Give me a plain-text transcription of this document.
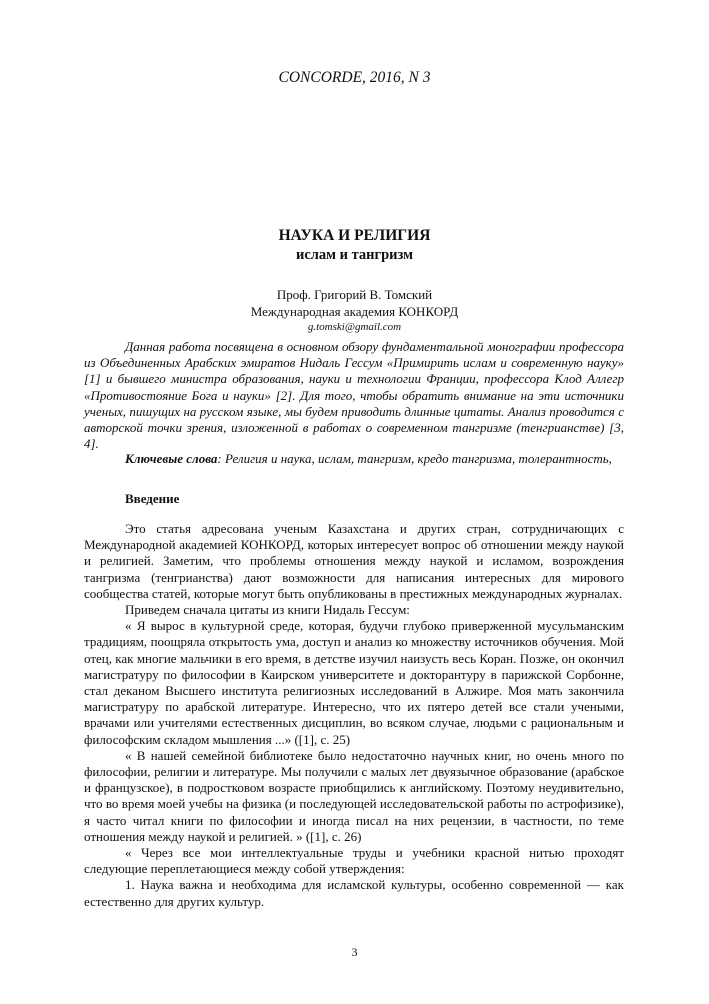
CONCORDE, 2016, N 3
НАУКА И РЕЛИГИЯ
ислам и тангризм
Проф. Григорий В. Томский
Международная академия КОНКОРД
g.tomski@gmail.com

Данная работа посвящена в основном обзору фундаментальной монографии профессора из Объединенных Арабских эмиратов Нидаль Гессум «Примирить ислам и современную науку» [1] и бывшего министра образования, науки и технологии Франции, профессора Клод Аллегр «Противостояние Бога и науки» [2]. Для того, чтобы обратить внимание на эти источники ученых, пишущих на русском языке, мы будем приводить длинные цитаты. Анализ проводится с авторской точки зрения, изложенной в работах о современном тангризме (тенгрианстве) [3, 4].

Ключевые слова: Религия и наука, ислам, тангризм, кредо тангризма, толерантность,

Введение

Это статья адресована ученым Казахстана и других стран, сотрудничающих с Международной академией КОНКОРД, которых интересует вопрос об отношении между наукой и религией. Заметим, что проблемы отношения между наукой и исламом, возрождения тангризма (тенгрианства) дают возможности для написания интересных для мирового сообщества статей, которые могут быть опубликованы в престижных международных журналах.

Приведем сначала цитаты из книги Нидаль Гессум:

« Я вырос в культурной среде, которая, будучи глубоко приверженной мусульманским традициям, поощряла открытость ума, доступ и анализ ко множеству источников обучения. Мой отец, как многие мальчики в его время, в детстве изучил наизусть весь Коран. Позже, он окончил магистратуру по философии в Каирском университете и докторантуру в парижской Сорбонне, стал деканом Высшего института религиозных исследований в Алжире. Моя мать закончила магистратуру по арабской литературе. Интересно, что их пятеро детей все стали учеными, врачами или учителями естественных дисциплин, во всяком случае, людьми с рациональным и философским складом мышления ...» ([1], с. 25)

« В нашей семейной библиотеке было недостаточно научных книг, но очень много по философии, религии и литературе. Мы получили с малых лет двуязычное образование (арабское и французское), в подростковом возрасте приобщились к английскому. Поэтому неудивительно, что во время моей учебы на физика (и последующей исследовательской работы по астрофизике), я часто читал книги по философии и иногда писал на них рецензии, в частности, по теме отношения между наукой и религией. » ([1], с. 26)

« Через все мои интеллектуальные труды и учебники красной нитью проходят следующие переплетающиеся между собой утверждения:

1. Наука важна и необходима для исламской культуры, особенно современной — как естественно для других культур.

3
